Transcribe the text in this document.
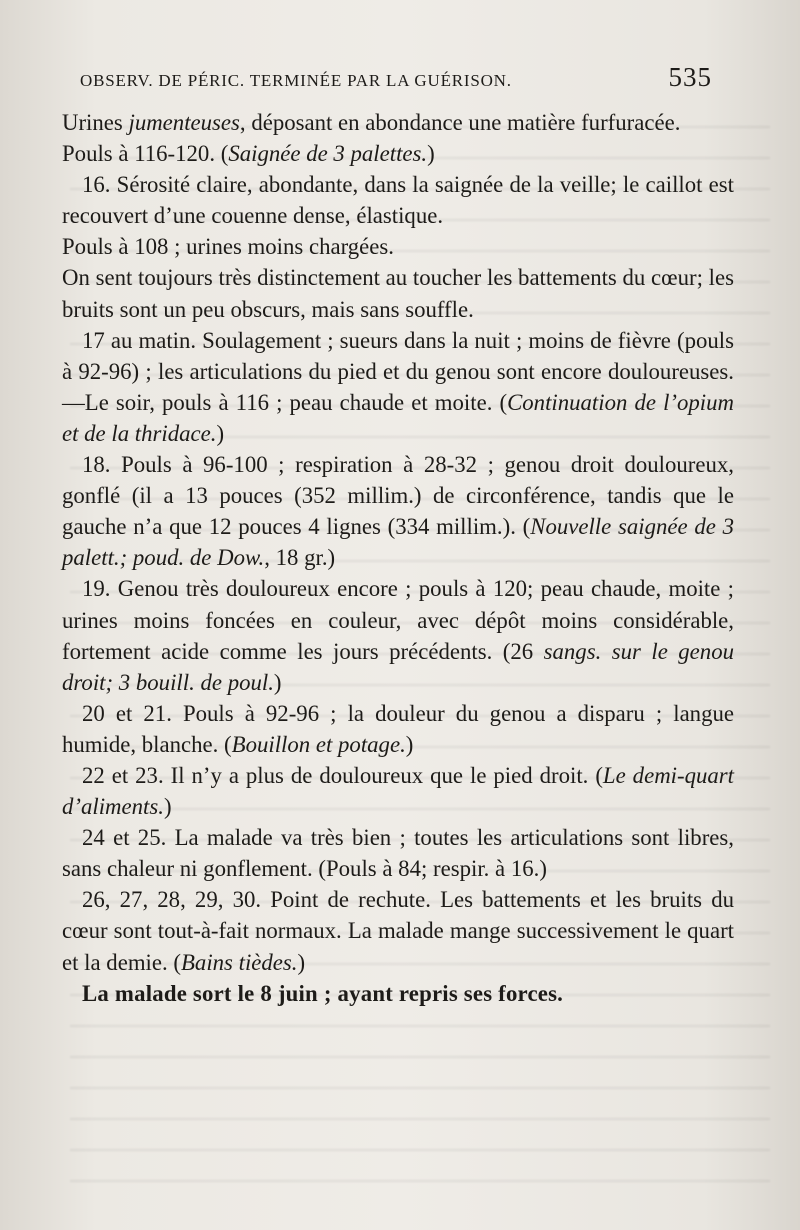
OBSERV. DE PÉRIC. TERMINÉE PAR LA GUÉRISON.	535

Urines jumenteuses, déposant en abondance une matière furfuracée.

Pouls à 116-120. (Saignée de 3 palettes.)

16. Sérosité claire, abondante, dans la saignée de la veille; le caillot est recouvert d’une couenne dense, élastique.

Pouls à 108 ; urines moins chargées.

On sent toujours très distinctement au toucher les battements du cœur; les bruits sont un peu obscurs, mais sans souffle.

17 au matin. Soulagement ; sueurs dans la nuit ; moins de fièvre (pouls à 92-96) ; les articulations du pied et du genou sont encore douloureuses. —Le soir, pouls à 116 ; peau chaude et moite. (Continuation de l’opium et de la thridace.)

18. Pouls à 96-100 ; respiration à 28-32 ; genou droit douloureux, gonflé (il a 13 pouces (352 millim.) de circonférence, tandis que le gauche n’a que 12 pouces 4 lignes (334 millim.). (Nouvelle saignée de 3 palett.; poud. de Dow., 18 gr.)

19. Genou très douloureux encore ; pouls à 120; peau chaude, moite ; urines moins foncées en couleur, avec dépôt moins considérable, fortement acide comme les jours précédents. (26 sangs. sur le genou droit; 3 bouill. de poul.)

20 et 21. Pouls à 92-96 ; la douleur du genou a disparu ; langue humide, blanche. (Bouillon et potage.)

22 et 23. Il n’y a plus de douloureux que le pied droit. (Le demi-quart d’aliments.)

24 et 25. La malade va très bien ; toutes les articulations sont libres, sans chaleur ni gonflement. (Pouls à 84; respir. à 16.)

26, 27, 28, 29, 30. Point de rechute. Les battements et les bruits du cœur sont tout-à-fait normaux. La malade mange successivement le quart et la demie. (Bains tièdes.)

La malade sort le 8 juin ; ayant repris ses forces.
